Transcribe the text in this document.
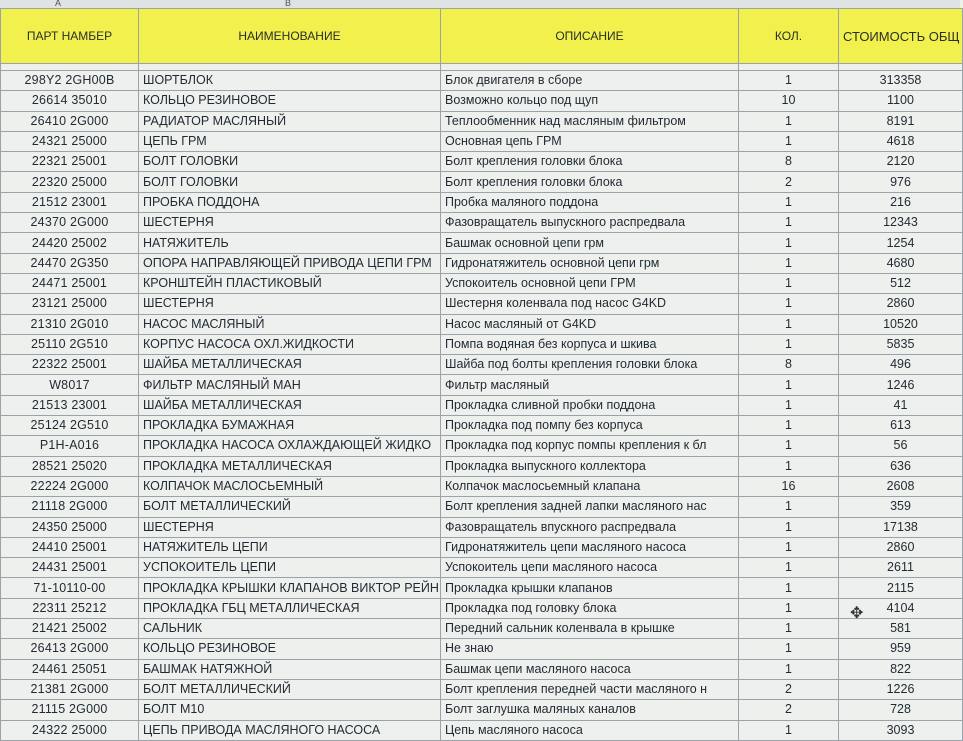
A	B
ПАРТ НАМБЕР	НАИМЕНОВАНИЕ	ОПИСАНИЕ	КОЛ.	СТОИМОСТЬ ОБЩ

298Y2 2GH00B	ШОРТБЛОК	Блок двигателя в сборе	1	313358
26614 35010	КОЛЬЦО РЕЗИНОВОЕ	Возможно кольцо под щуп	10	1100
26410 2G000	РАДИАТОР МАСЛЯНЫЙ	Теплообменник над масляным фильтром	1	8191
24321 25000	ЦЕПЬ ГРМ	Основная цепь ГРМ	1	4618
22321 25001	БОЛТ ГОЛОВКИ	Болт крепления головки блока	8	2120
22320 25000	БОЛТ ГОЛОВКИ	Болт крепления головки блока	2	976
21512 23001	ПРОБКА ПОДДОНА	Пробка маляного поддона	1	216
24370 2G000	ШЕСТЕРНЯ	Фазовращатель выпускного распредвала	1	12343
24420 25002	НАТЯЖИТЕЛЬ	Башмак основной цепи грм	1	1254
24470 2G350	ОПОРА НАПРАВЛЯЮЩЕЙ ПРИВОДА ЦЕПИ ГРМ	Гидронатяжитель основной цепи грм	1	4680
24471 25001	КРОНШТЕЙН ПЛАСТИКОВЫЙ	Успокоитель основной цепи ГРМ	1	512
23121 25000	ШЕСТЕРНЯ	Шестерня коленвала под насос G4KD	1	2860
21310 2G010	НАСОС МАСЛЯНЫЙ	Насос масляный от G4KD	1	10520
25110 2G510	КОРПУС НАСОСА ОХЛ.ЖИДКОСТИ	Помпа водяная без корпуса и шкива	1	5835
22322 25001	ШАЙБА МЕТАЛЛИЧЕСКАЯ	Шайба под болты крепления головки блока	8	496
W8017	ФИЛЬТР МАСЛЯНЫЙ МАН	Фильтр масляный	1	1246
21513 23001	ШАЙБА МЕТАЛЛИЧЕСКАЯ	Прокладка сливной пробки поддона	1	41
25124 2G510	ПРОКЛАДКА БУМАЖНАЯ	Прокладка под помпу без корпуса	1	613
P1H-A016	ПРОКЛАДКА НАСОСА ОХЛАЖДАЮЩЕЙ ЖИДКО	Прокладка под корпус помпы крепления к бл	1	56
28521 25020	ПРОКЛАДКА МЕТАЛЛИЧЕСКАЯ	Прокладка выпускного коллектора	1	636
22224 2G000	КОЛПАЧОК МАСЛОСЬЕМНЫЙ	Колпачок маслосьемный клапана	16	2608
21118 2G000	БОЛТ МЕТАЛЛИЧЕСКИЙ	Болт крепления задней лапки масляного нас	1	359
24350 25000	ШЕСТЕРНЯ	Фазовращатель впускного распредвала	1	17138
24410 25001	НАТЯЖИТЕЛЬ ЦЕПИ	Гидронатяжитель цепи масляного насоса	1	2860
24431 25001	УСПОКОИТЕЛЬ ЦЕПИ	Успокоитель цепи масляного насоса	1	2611
71-10110-00	ПРОКЛАДКА КРЫШКИ КЛАПАНОВ ВИКТОР РЕЙН	Прокладка крышки клапанов	1	2115
22311 25212	ПРОКЛАДКА ГБЦ МЕТАЛЛИЧЕСКАЯ	Прокладка под головку блока	1	4104
21421 25002	САЛЬНИК	Передний сальник коленвала в крышке	1	581
26413 2G000	КОЛЬЦО РЕЗИНОВОЕ	Не знаю	1	959
24461 25051	БАШМАК НАТЯЖНОЙ	Башмак цепи масляного насоса	1	822
21381 2G000	БОЛТ МЕТАЛЛИЧЕСКИЙ	Болт крепления передней части масляного н	2	1226
21115 2G000	БОЛТ М10	Болт заглушка маляных каналов	2	728
24322 25000	ЦЕПЬ ПРИВОДА МАСЛЯНОГО НАСОСА	Цепь масляного насоса	1	3093
✥
